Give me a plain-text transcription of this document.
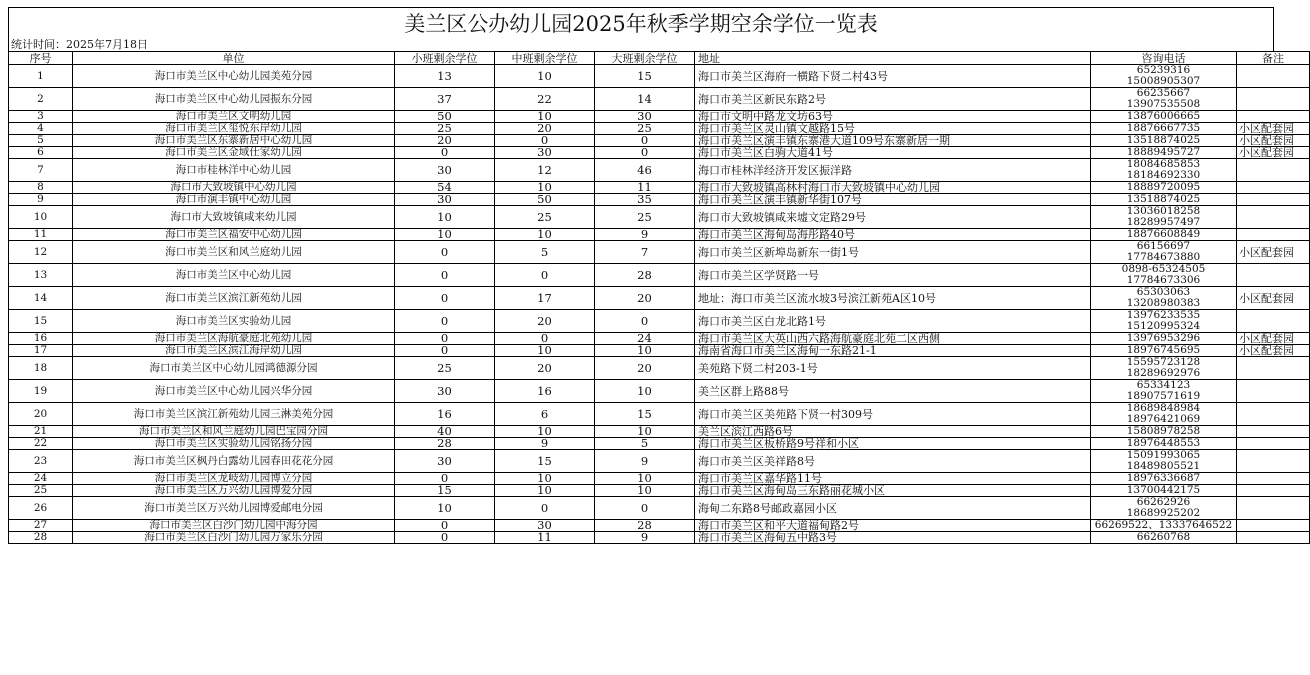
美兰区公办幼儿园2025年秋季学期空余学位一览表
统计时间：2025年7月18日
序号	单位	小班剩余学位	中班剩余学位	大班剩余学位	地址	咨询电话	备注
1	海口市美兰区中心幼儿园美苑分园	13	10	15	海口市美兰区海府一横路下贤二村43号	65239316
15008905307	

2	海口市美兰区中心幼儿园振东分园	37	22	14	海口市美兰区新民东路2号	66235667
13907535508	

3	海口市美兰区文明幼儿园	50	10	30	海口市文明中路龙文坊63号	13876006665	

4	海口市美兰区玺悦东岸幼儿园	25	20	25	海口市美兰区灵山镇文越路15号	18876667735	小区配套园
5	海口市美兰区东寨新居中心幼儿园	20	0	0	海口市美兰区演丰镇东寨港大道109号东寨新居一期	13518874025	小区配套园
6	海口市美兰区金域仕家幼儿园	0	30	0	海口市美兰区白驹大道41号	18889495727	小区配套园
7	海口市桂林洋中心幼儿园	30	12	46	海口市桂林洋经济开发区振洋路	18084685853
18184692330	

8	海口市大致坡镇中心幼儿园	54	10	11	海口市大致坡镇高林村海口市大致坡镇中心幼儿园	18889720095	

9	海口市演丰镇中心幼儿园	30	50	35	海口市美兰区演丰镇新华街107号	13518874025	

10	海口市大致坡镇咸来幼儿园	10	25	25	海口市大致坡镇咸来墟文定路29号	13036018258
18289957497	

11	海口市美兰区福安中心幼儿园	10	10	9	海口市美兰区海甸岛海彤路40号	18876608849	

12	海口市美兰区和风兰庭幼儿园	0	5	7	海口市美兰区新埠岛新东一街1号	66156697
17784673880	小区配套园
13	海口市美兰区中心幼儿园	0	0	28	海口市美兰区学贤路一号	0898-65324505
17784673306	

14	海口市美兰区滨江新苑幼儿园	0	17	20	地址：海口市美兰区流水坡3号滨江新苑A区10号	65303063
13208980383	小区配套园
15	海口市美兰区实验幼儿园	0	20	0	海口市美兰区白龙北路1号	13976233535
15120995324	

16	海口市美兰区海航豪庭北苑幼儿园	0	0	24	海口市美兰区大英山西六路海航豪庭北苑二区西侧	13976953296	小区配套园
17	海口市美兰区滨江海岸幼儿园	0	10	10	海南省海口市美兰区海甸一东路21-1	18976745695	小区配套园
18	海口市美兰区中心幼儿园鸿德源分园	25	20	20	美苑路下贤二村203-1号	15595723128
18289692976	

19	海口市美兰区中心幼儿园兴华分园	30	16	10	美兰区群上路88号	65334123
18907571619	

20	海口市美兰区滨江新苑幼儿园三淋美苑分园	16	6	15	海口市美兰区美苑路下贤一村309号	18689848984
18976421069	

21	海口市美兰区和风兰庭幼儿园巴宝园分园	40	10	10	美兰区滨江西路6号	15808978258	

22	海口市美兰区实验幼儿园铭扬分园	28	9	5	海口市美兰区板桥路9号祥和小区	18976448553	

23	海口市美兰区枫丹白露幼儿园春田花花分园	30	15	9	海口市美兰区美祥路8号	15091993065
18489805521	

24	海口市美兰区龙岐幼儿园博立分园	0	10	10	海口市美兰区嘉华路11号	18976336687	

25	海口市美兰区万兴幼儿园博爱分园	15	10	10	海口市美兰区海甸岛三东路丽花城小区	13700442175	

26	海口市美兰区万兴幼儿园博爱邮电分园	10	0	0	海甸二东路8号邮政嘉园小区	66262926
18689925202	

27	海口市美兰区白沙门幼儿园中海分园	0	30	28	海口市美兰区和平大道福甸路2号	66269522、13337646522	

28	海口市美兰区白沙门幼儿园万家乐分园	0	11	9	海口市美兰区海甸五中路3号	66260768	
